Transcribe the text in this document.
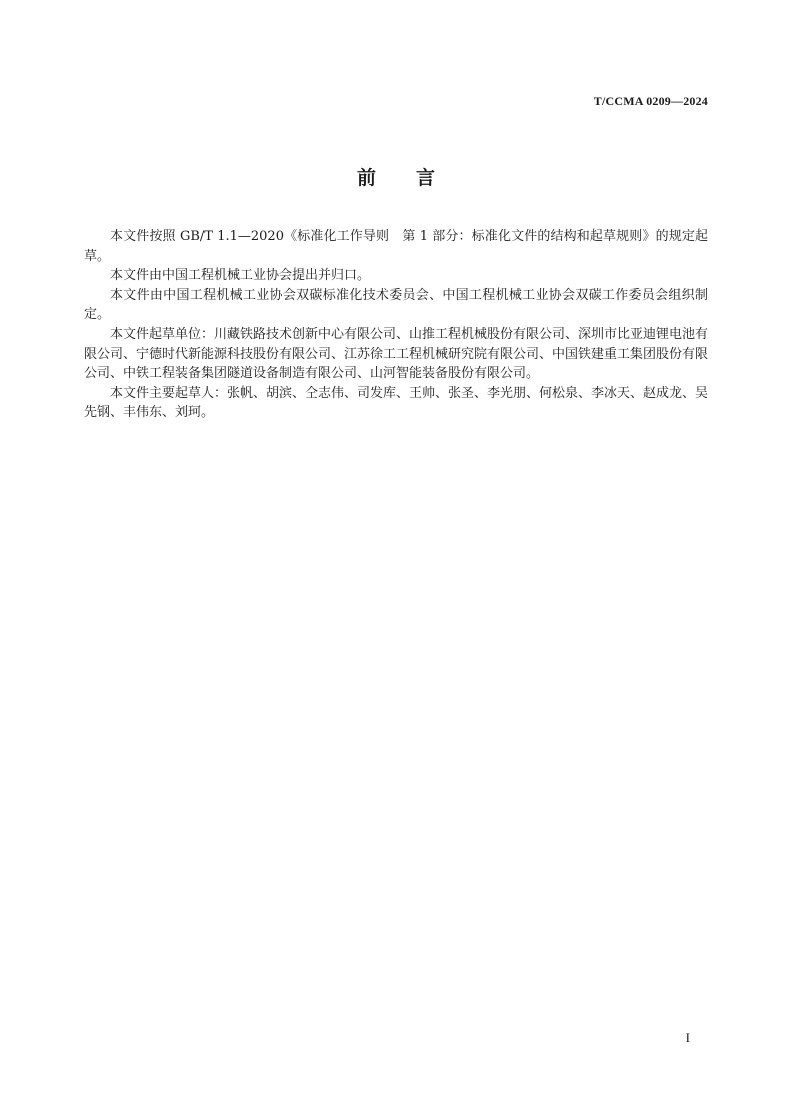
T/CCMA 0209—2024
前言

本文件按照 GB/T 1.1—2020《标准化工作导则　第 1 部分：标准化文件的结构和起草规则》的规定起草。

本文件由中国工程机械工业协会提出并归口。

本文件由中国工程机械工业协会双碳标准化技术委员会、中国工程机械工业协会双碳工作委员会组织制定。

本文件起草单位：川藏铁路技术创新中心有限公司、山推工程机械股份有限公司、深圳市比亚迪锂电池有限公司、宁德时代新能源科技股份有限公司、江苏徐工工程机械研究院有限公司、中国铁建重工集团股份有限公司、中铁工程装备集团隧道设备制造有限公司、山河智能装备股份有限公司。

本文件主要起草人：张帆、胡滨、仝志伟、司发库、王帅、张圣、李光朋、何松泉、李冰天、赵成龙、吴先钢、丰伟东、刘珂。

I
